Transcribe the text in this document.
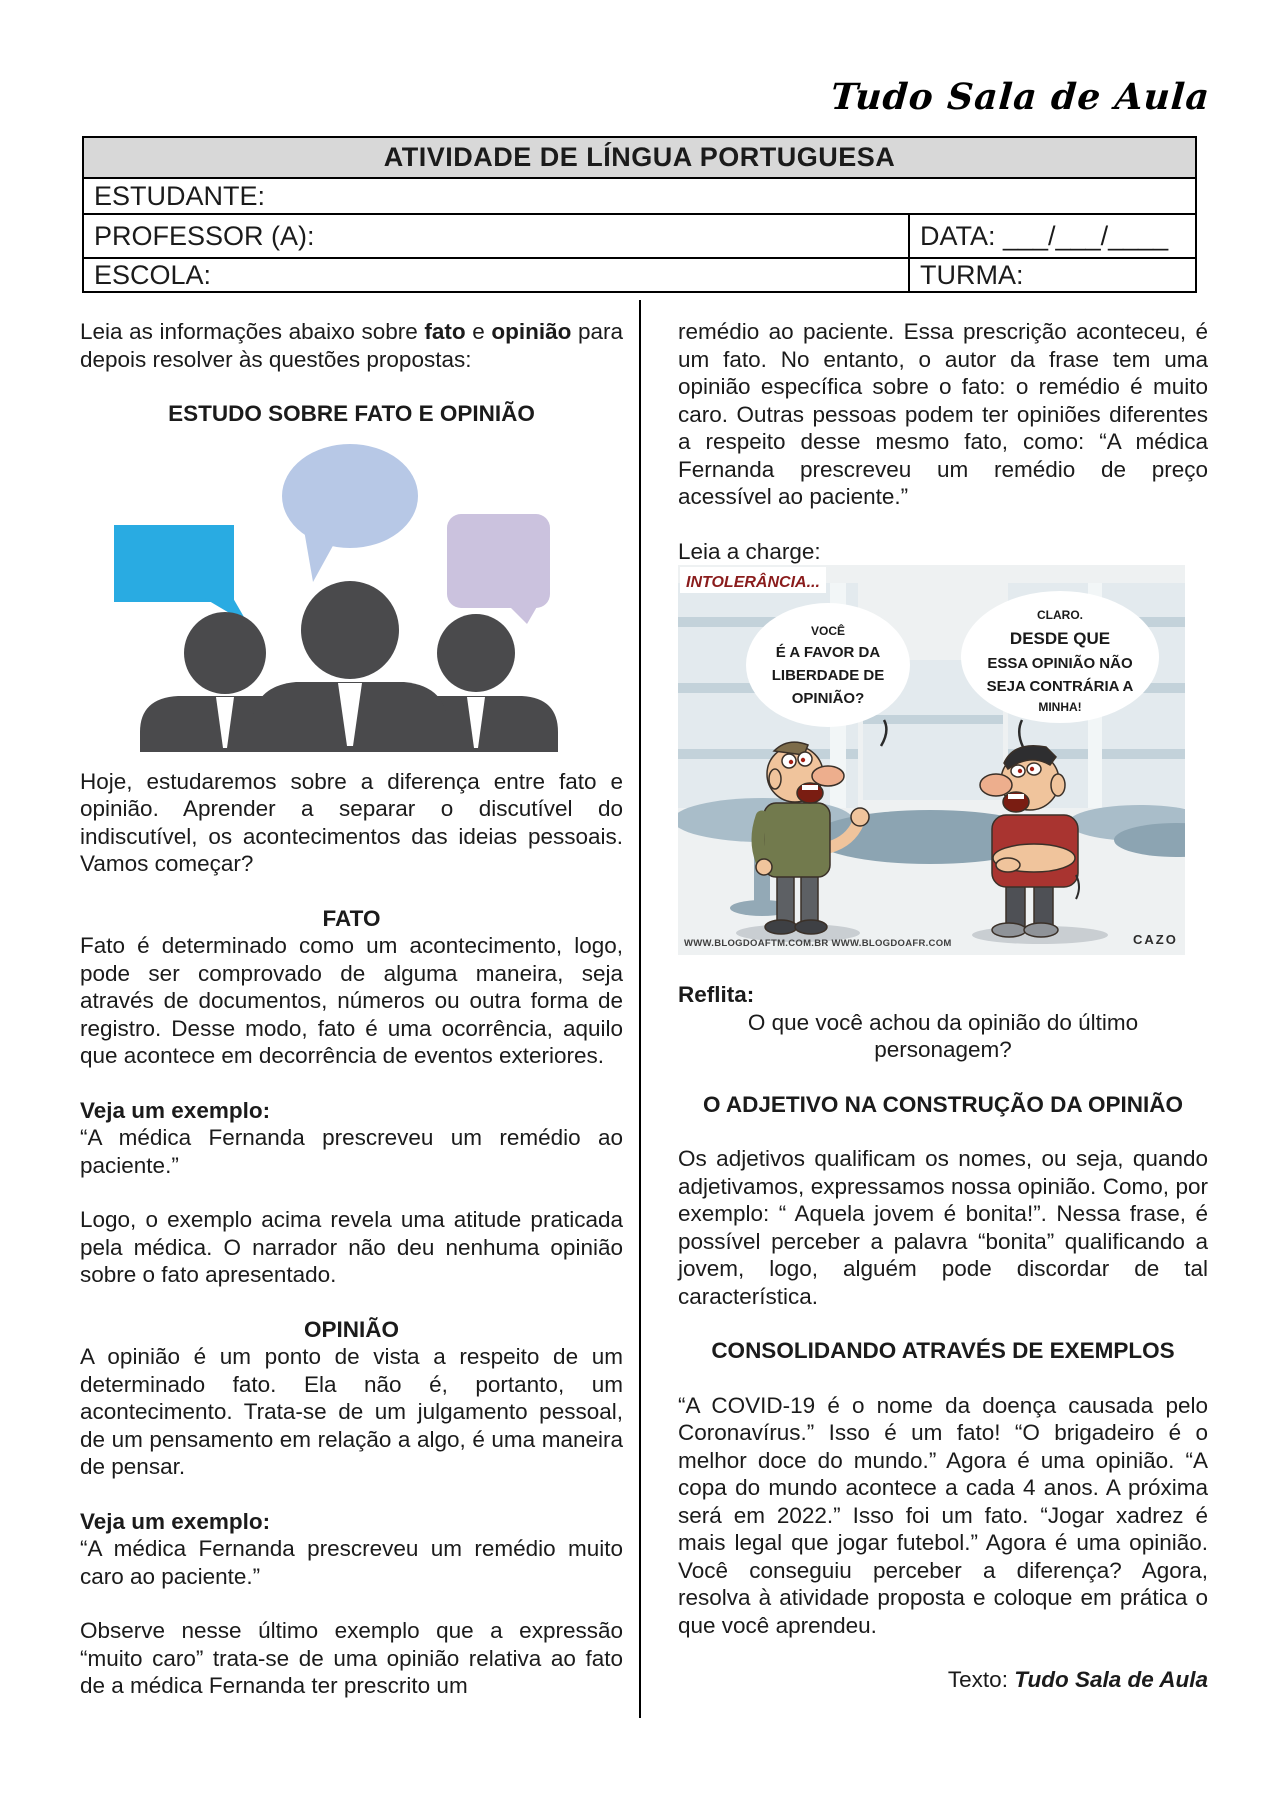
Tudo Sala de Aula
ATIVIDADE DE LÍNGUA PORTUGUESA
ESTUDANTE:
PROFESSOR (A):	DATA: ___/___/____
ESCOLA:	TURMA:

Leia as informações abaixo sobre fato e opinião para depois resolver às questões propostas:

ESTUDO SOBRE FATO E OPINIÃO

Hoje, estudaremos sobre a diferença entre fato e opinião. Aprender a separar o discutível do indiscutível, os acontecimentos das ideias pessoais. Vamos começar?

FATO

Fato é determinado como um acontecimento, logo, pode ser comprovado de alguma maneira, seja através de documentos, números ou outra forma de registro. Desse modo, fato é uma ocorrência, aquilo que acontece em decorrência de eventos exteriores.

Veja um exemplo:

“A médica Fernanda prescreveu um remédio ao paciente.”

Logo, o exemplo acima revela uma atitude praticada pela médica. O narrador não deu nenhuma opinião sobre o fato apresentado.

OPINIÃO

A opinião é um ponto de vista a respeito de um determinado fato. Ela não é, portanto, um acontecimento. Trata-se de um julgamento pessoal, de um pensamento em relação a algo, é uma maneira de pensar.

Veja um exemplo:

“A médica Fernanda prescreveu um remédio muito caro ao paciente.”

Observe nesse último exemplo que a expressão “muito caro” trata-se de uma opinião relativa ao fato de a médica Fernanda ter prescrito um

remédio ao paciente. Essa prescrição aconteceu, é um fato. No entanto, o autor da frase tem uma opinião específica sobre o fato: o remédio é muito caro. Outras pessoas podem ter opiniões diferentes a respeito desse mesmo fato, como: “A médica Fernanda prescreveu um remédio de preço acessível ao paciente.”

Leia a charge:

INTOLERÂNCIA...
VOCÊ
É A FAVOR DA
LIBERDADE DE
OPINIÃO?
CLARO.
DESDE QUE
ESSA OPINIÃO NÃO
SEJA CONTRÁRIA A
MINHA!
WWW.BLOGDOAFTM.COM.BR WWW.BLOGDOAFR.COM	CAZO

Reflita:

O que você achou da opinião do último personagem?

O ADJETIVO NA CONSTRUÇÃO DA OPINIÃO

Os adjetivos qualificam os nomes, ou seja, quando adjetivamos, expressamos nossa opinião. Como, por exemplo: “ Aquela jovem é bonita!”. Nessa frase, é possível perceber a palavra “bonita” qualificando a jovem, logo, alguém pode discordar de tal característica.

CONSOLIDANDO ATRAVÉS DE EXEMPLOS

“A COVID-19 é o nome da doença causada pelo Coronavírus.” Isso é um fato! “O brigadeiro é o melhor doce do mundo.” Agora é uma opinião. “A copa do mundo acontece a cada 4 anos. A próxima será em 2022.” Isso foi um fato. “Jogar xadrez é mais legal que jogar futebol.” Agora é uma opinião. Você conseguiu perceber a diferença? Agora, resolva à atividade proposta e coloque em prática o que você aprendeu.

Texto: Tudo Sala de Aula
